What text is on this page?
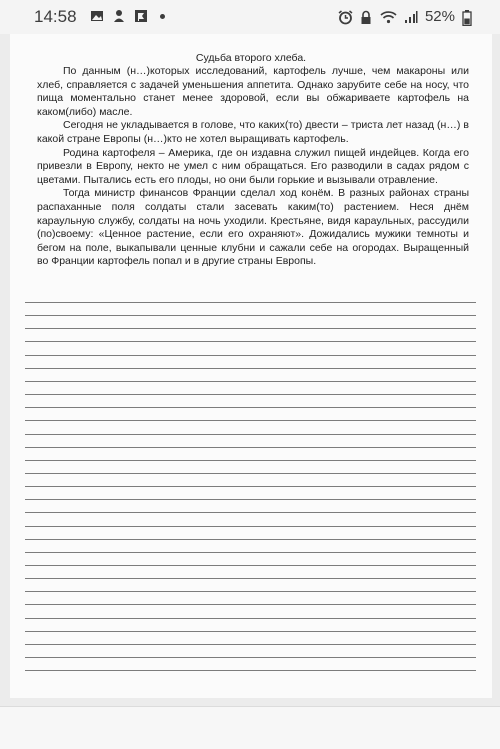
14:58	52%
Судьба второго хлеба.

По данным (н…)которых исследований, картофель лучше, чем макароны или хлеб, справляется с задачей уменьшения аппетита. Однако зарубите себе на носу, что пища моментально станет менее здоровой, если вы обжариваете картофель на каком(либо) масле.

Сегодня не укладывается в голове, что каких(то) двести – триста лет назад (н…) в какой стране Европы (н…)кто не хотел выращивать картофель.

Родина картофеля – Америка, где он издавна служил пищей индейцев. Когда его привезли в Европу, некто не умел с ним обращаться. Его разводили в садах рядом с цветами. Пытались есть его плоды, но они были горькие и вызывали отравление.

Тогда министр финансов Франции сделал ход конём. В разных районах страны распаханные поля солдаты стали засевать каким(то) растением. Неся днём караульную службу, солдаты на ночь уходили. Крестьяне, видя караульных, рассудили (по)своему: «Ценное растение, если его охраняют». Дожидались мужики темноты и бегом на поле, выкапывали ценные клубни и сажали себе на огородах. Выращенный во Франции картофель попал и в другие страны Европы.
